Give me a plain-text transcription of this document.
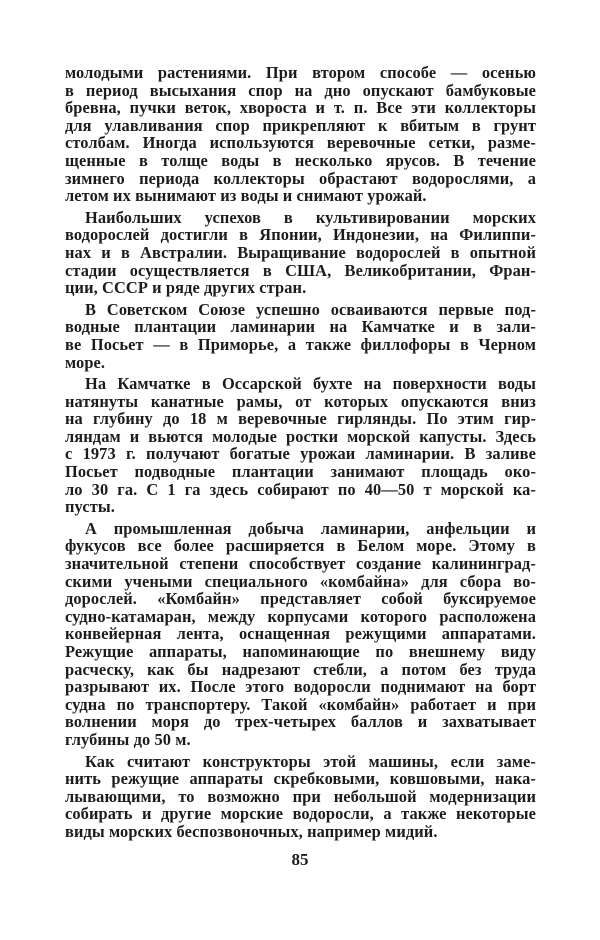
молодыми растениями. При втором способе — осенью
в период высыхания спор на дно опускают бамбуковые
бревна, пучки веток, хвороста и т. п. Все эти коллекторы
для улавливания спор прикрепляют к вбитым в грунт
столбам. Иногда используются веревочные сетки, разме-
щенные в толще воды в несколько ярусов. В течение
зимнего периода коллекторы обрастают водорослями, а
летом их вынимают из воды и снимают урожай.
Наибольших успехов в культивировании морских
водорослей достигли в Японии, Индонезии, на Филиппи-
нах и в Австралии. Выращивание водорослей в опытной
стадии осуществляется в США, Великобритании, Фран-
ции, СССР и ряде других стран.
В Советском Союзе успешно осваиваются первые под-
водные плантации ламинарии на Камчатке и в зали-
ве Посьет — в Приморье, а также филлофоры в Черном
море.
На Камчатке в Оссарской бухте на поверхности воды
натянуты канатные рамы, от которых опускаются вниз
на глубину до 18 м веревочные гирлянды. По этим гир-
ляндам и вьются молодые ростки морской капусты. Здесь
с 1973 г. получают богатые урожаи ламинарии. В заливе
Посьет подводные плантации занимают площадь око-
ло 30 га. С 1 га здесь собирают по 40—50 т морской ка-
пусты.
А промышленная добыча ламинарии, анфельции и
фукусов все более расширяется в Белом море. Этому в
значительной степени способствует создание калининград-
скими учеными специального «комбайна» для сбора во-
дорослей. «Комбайн» представляет собой буксируемое
судно-катамаран, между корпусами которого расположена
конвейерная лента, оснащенная режущими аппаратами.
Режущие аппараты, напоминающие по внешнему виду
расческу, как бы надрезают стебли, а потом без труда
разрывают их. После этого водоросли поднимают на борт
судна по транспортеру. Такой «комбайн» работает и при
волнении моря до трех-четырех баллов и захватывает
глубины до 50 м.
Как считают конструкторы этой машины, если заме-
нить режущие аппараты скребковыми, ковшовыми, нака-
лывающими, то возможно при небольшой модернизации
собирать и другие морские водоросли, а также некоторые
виды морских беспозвоночных, например мидий.
85
